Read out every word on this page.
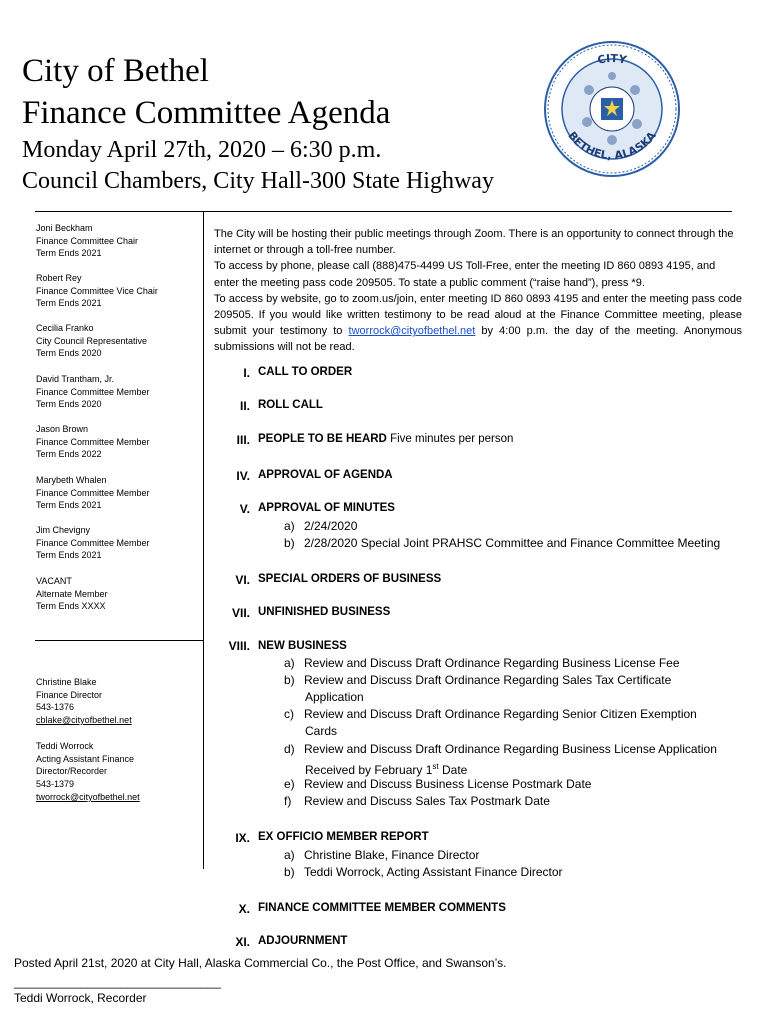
City of Bethel
Finance Committee Agenda
Monday April 27th, 2020 – 6:30 p.m.
Council Chambers, City Hall-300 State Highway
CITY
BETHEL, ALASKA
Joni Beckham
Finance Committee Chair
Term Ends 2021
Robert Rey
Finance Committee Vice Chair
Term Ends 2021
Cecilia Franko
City Council Representative
Term Ends 2020
David Trantham, Jr.
Finance Committee Member
Term Ends 2020
Jason Brown
Finance Committee Member
Term Ends 2022
Marybeth Whalen
Finance Committee Member
Term Ends 2021
Jim Chevigny
Finance Committee Member
Term Ends 2021
VACANT
Alternate Member
Term Ends XXXX
Christine Blake
Finance Director
543-1376
cblake@cityofbethel.net
Teddi Worrock
Acting Assistant Finance
Director/Recorder
543-1379
tworrock@cityofbethel.net
The City will be hosting their public meetings through Zoom. There is an opportunity to connect through the internet or through a toll-free number.
To access by phone, please call (888)475-4499 US Toll-Free, enter the meeting ID 860 0893 4195, and enter the meeting pass code 209505. To state a public comment (“raise hand”), press *9.
To access by website, go to zoom.us/join, enter meeting ID 860 0893 4195 and enter the meeting pass code 209505. If you would like written testimony to be read aloud at the Finance Committee meeting, please submit your testimony to tworrock@cityofbethel.net by 4:00 p.m. the day of the meeting. Anonymous submissions will not be read.
I. CALL TO ORDER
II. ROLL CALL
III. PEOPLE TO BE HEARD Five minutes per person
IV. APPROVAL OF AGENDA
V. APPROVAL OF MINUTES
a) 2/24/2020
b) 2/28/2020 Special Joint PRAHSC Committee and Finance Committee Meeting
VI. SPECIAL ORDERS OF BUSINESS
VII. UNFINISHED BUSINESS
VIII. NEW BUSINESS
a) Review and Discuss Draft Ordinance Regarding Business License Fee
b) Review and Discuss Draft Ordinance Regarding Sales Tax Certificate
Application
c) Review and Discuss Draft Ordinance Regarding Senior Citizen Exemption
Cards
d) Review and Discuss Draft Ordinance Regarding Business License Application
Received by February 1st Date
e) Review and Discuss Business License Postmark Date
f) Review and Discuss Sales Tax Postmark Date
IX. EX OFFICIO MEMBER REPORT
a) Christine Blake, Finance Director
b) Teddi Worrock, Acting Assistant Finance Director
X. FINANCE COMMITTEE MEMBER COMMENTS
XI. ADJOURNMENT
Posted April 21st, 2020 at City Hall, Alaska Commercial Co., the Post Office, and Swanson’s.
_______________________________
Teddi Worrock, Recorder
